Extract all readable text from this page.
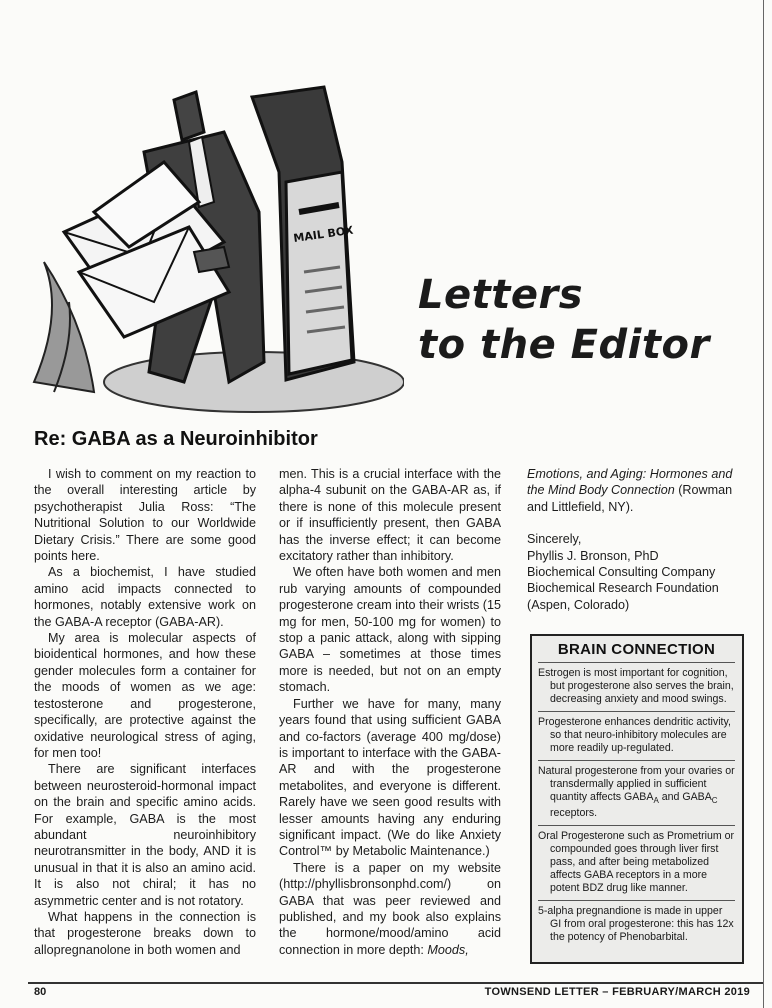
MAIL BOX
Letters
to the Editor
Re: GABA as a Neuroinhibitor

I wish to comment on my reaction to the overall interesting article by psychotherapist Julia Ross: “The Nutritional Solution to our Worldwide Dietary Crisis.” There are some good points here.

As a biochemist, I have studied amino acid impacts connected to hormones, notably extensive work on the GABA-A receptor (GABA-AR).

My area is molecular aspects of bioidentical hormones, and how these gender molecules form a container for the moods of women as we age: testosterone and progesterone, specifically, are protective against the oxidative neurological stress of aging, for men too!

There are significant interfaces between neurosteroid-hormonal impact on the brain and specific amino acids. For example, GABA is the most abundant neuroinhibitory neurotransmitter in the body, AND it is unusual in that it is also an amino acid. It is also not chiral; it has no asymmetric center and is not rotatory.

What happens in the connection is that progesterone breaks down to allopregnanolone in both women and

men. This is a crucial interface with the alpha-4 subunit on the GABA-AR as, if there is none of this molecule present or if insufficiently present, then GABA has the inverse effect; it can become excitatory rather than inhibitory.

We often have both women and men rub varying amounts of compounded progesterone cream into their wrists (15 mg for men, 50-100 mg for women) to stop a panic attack, along with sipping GABA – sometimes at those times more is needed, but not on an empty stomach.

Further we have for many, many years found that using sufficient GABA and co-factors (average 400 mg/dose) is important to interface with the GABA-AR and with the progesterone metabolites, and everyone is different. Rarely have we seen good results with lesser amounts having any enduring significant impact. (We do like Anxiety Control™ by Metabolic Maintenance.)

There is a paper on my website (http://phyllisbronsonphd.com/) on GABA that was peer reviewed and published, and my book also explains the hormone/mood/amino acid connection in more depth: Moods,

Emotions, and Aging: Hormones and the Mind Body Connection (Rowman and Littlefield, NY).

Sincerely,
Phyllis J. Bronson, PhD
Biochemical Consulting Company
Biochemical Research Foundation
(Aspen, Colorado)
BRAIN CONNECTION
Estrogen is most important for cognition, but progesterone also serves the brain, decreasing anxiety and mood swings.
Progesterone enhances dendritic activity, so that neuro-inhibitory molecules are more readily up-regulated.
Natural progesterone from your ovaries or transdermally applied in sufficient quantity affects $GABA_A$ and $GABA_C$ receptors.
Oral Progesterone such as Prometrium or compounded goes through liver first pass, and after being metabolized affects GABA receptors in a more potent BDZ drug like manner.
5-alpha pregnandione is made in upper GI from oral progesterone: this has 12x the potency of Phenobarbital.
80	TOWNSEND LETTER – FEBRUARY/MARCH 2019
